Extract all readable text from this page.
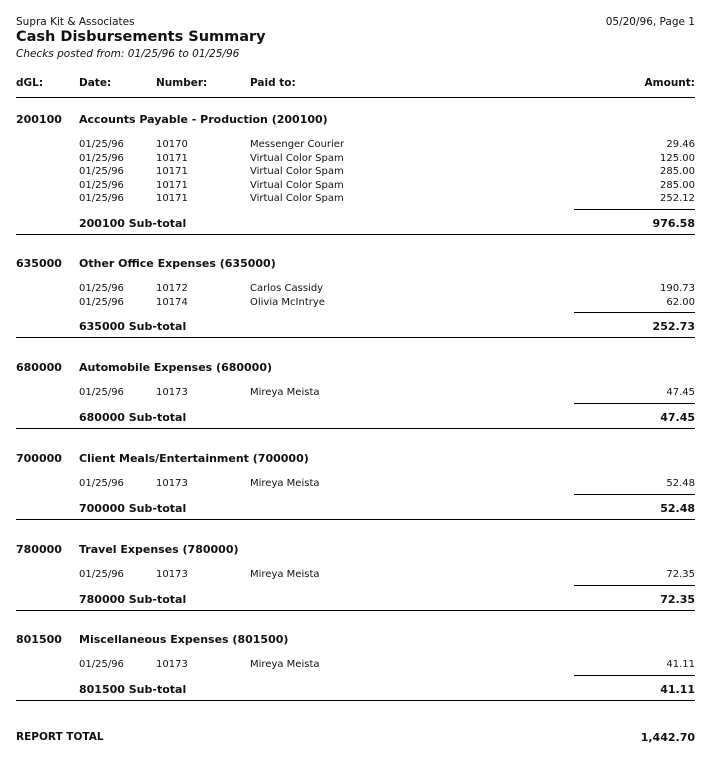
Supra Kit & Associates	05/20/96, Page 1
Cash Disbursements Summary
Checks posted from: 01/25/96 to 01/25/96
dGL:	Date:	Number:	Paid to:	Amount:
200100 Accounts Payable - Production (200100)
01/25/96	10170	Messenger Courier	29.46
01/25/96	10171	Virtual Color Spam	125.00
01/25/96	10171	Virtual Color Spam	285.00
01/25/96	10171	Virtual Color Spam	285.00
01/25/96	10171	Virtual Color Spam	252.12
200100 Sub-total	976.58
635000 Other Office Expenses (635000)
01/25/96	10172	Carlos Cassidy	190.73
01/25/96	10174	Olivia McIntrye	62.00
635000 Sub-total	252.73
680000 Automobile Expenses (680000)
01/25/96	10173	Mireya Meista	47.45
680000 Sub-total	47.45
700000 Client Meals/Entertainment (700000)
01/25/96	10173	Mireya Meista	52.48
700000 Sub-total	52.48
780000 Travel Expenses (780000)
01/25/96	10173	Mireya Meista	72.35
780000 Sub-total	72.35
801500 Miscellaneous Expenses (801500)
01/25/96	10173	Mireya Meista	41.11
801500 Sub-total	41.11
REPORT TOTAL	1,442.70
